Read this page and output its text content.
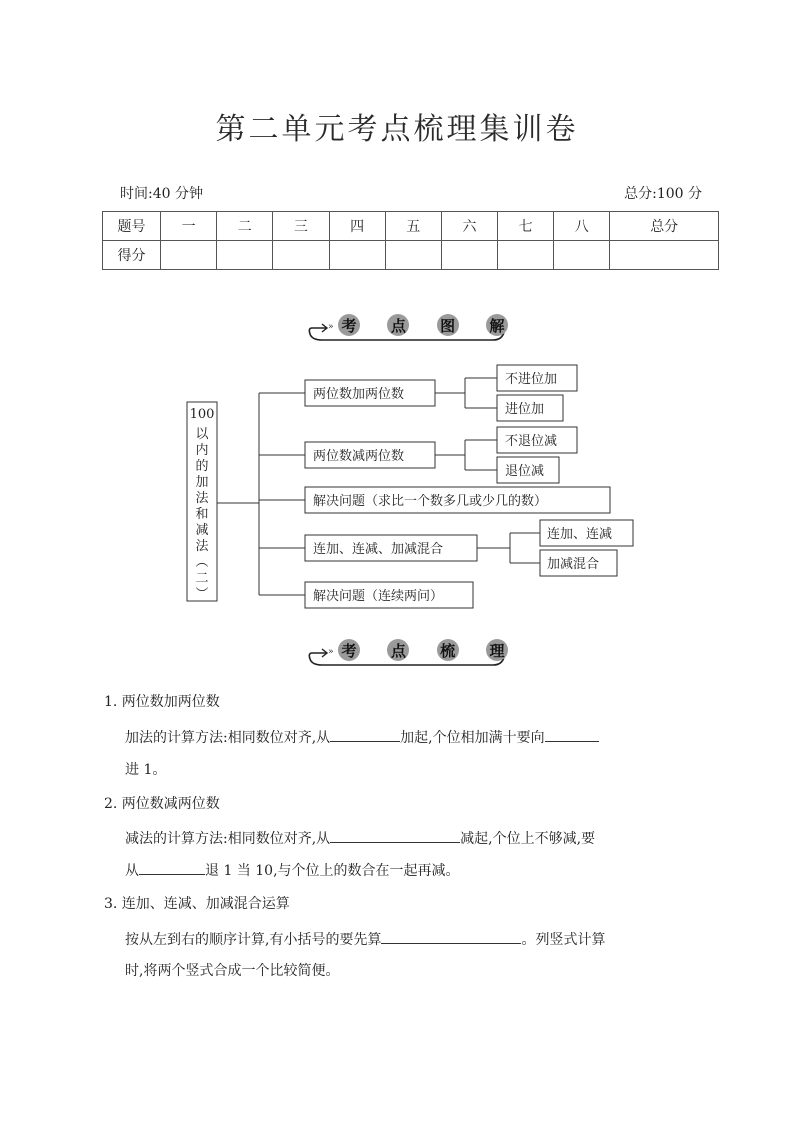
第二单元考点梳理集训卷
时间:40 分钟	总分:100 分
题号	一	二	三	四	五	六	七	八	总分
得分									
» 考 点 图 解
100
以
内
的
加
法
和
减
法
︵
二
︶
两位数加两位数
两位数减两位数
解决问题（求比一个数多几或少几的数）
连加、连减、加减混合
解决问题（连续两问）
不进位加
进位加
不退位减
退位减
连加、连减
加减混合
» 考 点 梳 理
1. 两位数加两位数
加法的计算方法:相同数位对齐,从	加起,个位相加满十要向
进 1。
2. 两位数减两位数
减法的计算方法:相同数位对齐,从	减起,个位上不够减,要
从	退 1 当 10,与个位上的数合在一起再减。
3. 连加、连减、加减混合运算
按从左到右的顺序计算,有小括号的要先算	。列竖式计算
时,将两个竖式合成一个比较简便。
